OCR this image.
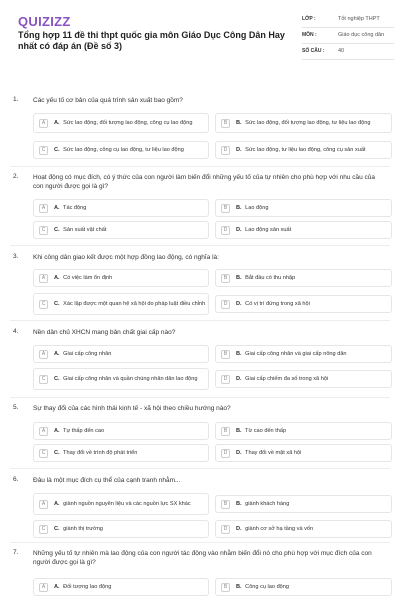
QUIZIZZ
Tổng hợp 11 đề thi thpt quốc gia môn Giáo Dục Công Dân Hay nhất có đáp án (Đề số 3)
LỚP :	Tốt nghiệp THPT
MÔN :	Giáo dục công dân
SỐ CÂU :	40
1. Các yếu tố cơ bản của quá trình sản xuất bao gồm?
A	A. Sức lao động, đối tượng lao động, công cụ lao động	B	B. Sức lao động, đối tượng lao động, tư liệu lao động
C	C. Sức lao động, công cụ lao động, tư liệu lao động	D	D. Sức lao động, tư liệu lao động, công cụ sản xuất
2. Hoạt động có mục đích, có ý thức của con người làm biến đổi những yếu tố của tự nhiên cho phù hợp với nhu cầu của con người được gọi là gì?
A	A. Tác động	B	B. Lao động
C	C. Sản xuất vật chất	D	D. Lao động sản xuất
3. Khi công dân giao kết được một hợp đồng lao động, có nghĩa là:
A	A. Có việc làm ổn định	B	B. Bắt đầu có thu nhập
C	C. Xác lập được một quan hệ xã hội do pháp luật điều chỉnh	D	D. Có vị trí đứng trong xã hội
4. Nền dân chủ XHCN mang bản chất giai cấp nào?
A	A. Giai cấp công nhân	B	B. Giai cấp công nhân và giai cấp nông dân
C	C. Giai cấp công nhân và quần chúng nhân dân lao động	D	D. Giai cấp chiếm đa số trong xã hội
5. Sự thay đổi của các hình thái kinh tế - xã hội theo chiều hướng nào?
A	A. Tự thấp đến cao	B	B. Từ cao đến thấp
C	C. Thay đổi về trình độ phát triển	D	D. Thay đổi về mặt xã hội
6. Đâu là một mục đích cụ thể của cạnh tranh nhằm...
A	A. giành nguồn nguyên liệu và các nguồn lực SX khác	B	B. giành khách hàng
C	C. giành thị trường	D	D. giành cơ sở hạ tầng và vốn
7. Những yếu tố tự nhiên mà lao động của con người tác động vào nhằm biến đổi nó cho phù hợp với mục đích của con người được gọi là gì?
A	A. Đối tượng lao động	B	B. Công cụ lao động
